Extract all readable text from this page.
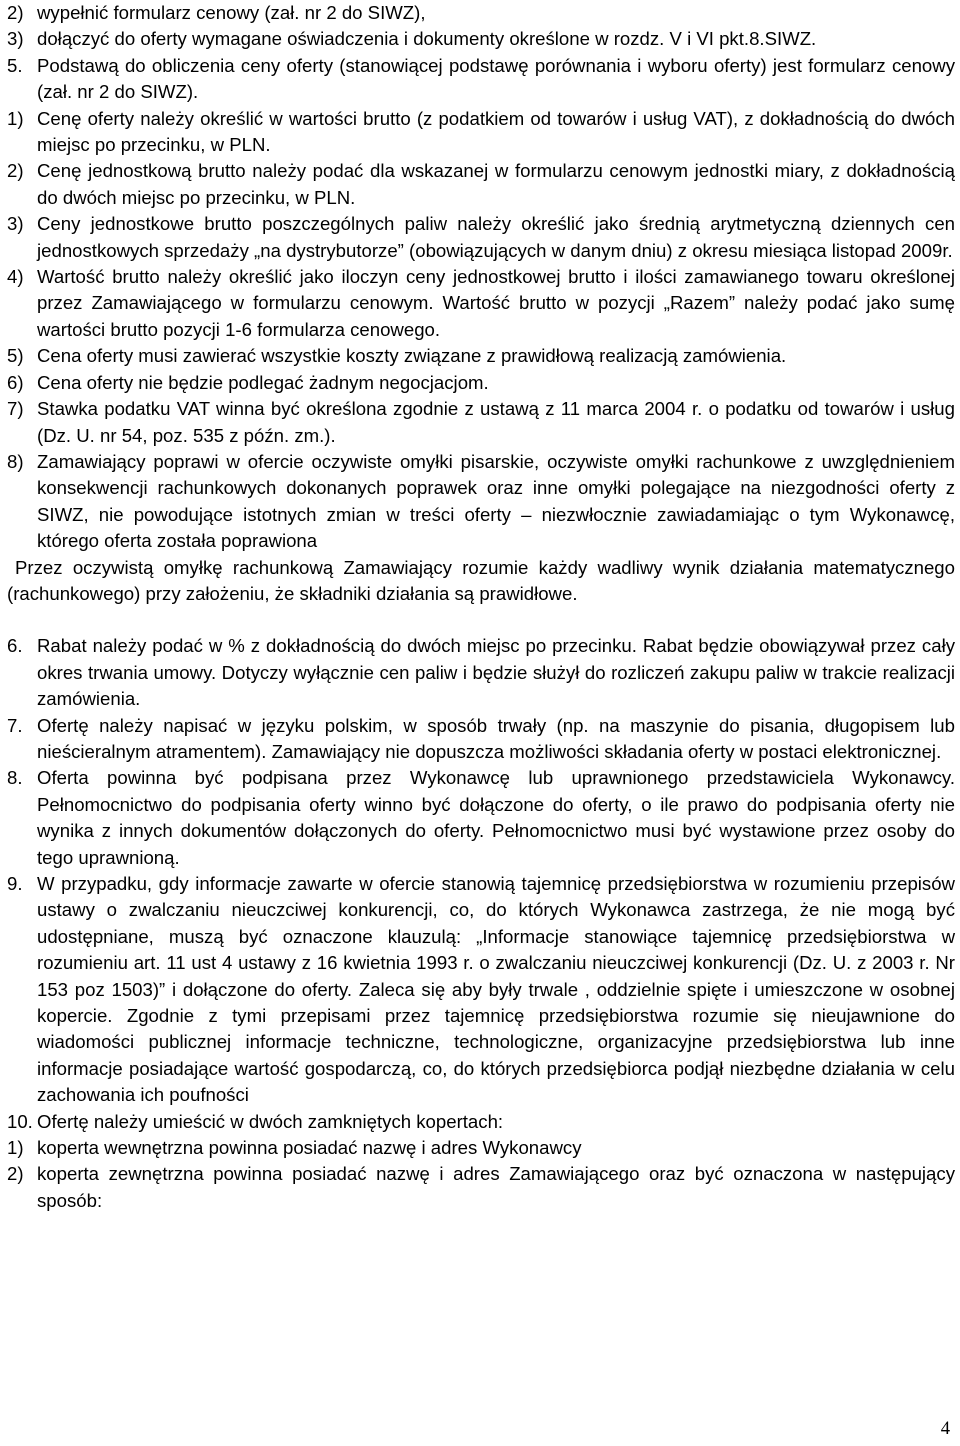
2) wypełnić formularz cenowy (zał. nr 2 do SIWZ),
3) dołączyć do oferty wymagane oświadczenia i dokumenty określone w rozdz. V i VI pkt.8.SIWZ.
5. Podstawą do obliczenia ceny oferty (stanowiącej podstawę porównania i wyboru oferty) jest formularz cenowy (zał. nr 2 do SIWZ).
1) Cenę oferty należy określić w wartości brutto (z podatkiem od towarów i usług VAT), z dokładnością do dwóch miejsc po przecinku, w PLN.
2) Cenę jednostkową brutto należy podać dla wskazanej w formularzu cenowym jednostki miary, z dokładnością do dwóch miejsc po przecinku, w PLN.
3) Ceny jednostkowe brutto poszczególnych paliw należy określić jako średnią arytmetyczną dziennych cen jednostkowych sprzedaży „na dystrybutorze” (obowiązujących w danym dniu) z okresu miesiąca listopad 2009r.
4) Wartość brutto należy określić jako iloczyn ceny jednostkowej brutto i ilości zamawianego towaru określonej przez Zamawiającego w formularzu cenowym. Wartość brutto w pozycji „Razem” należy podać jako sumę wartości brutto pozycji 1-6 formularza cenowego.
5) Cena oferty musi zawierać wszystkie koszty związane z prawidłową realizacją zamówienia.
6) Cena oferty nie będzie podlegać żadnym negocjacjom.
7) Stawka podatku VAT winna być określona zgodnie z ustawą z 11 marca 2004 r. o podatku od towarów i usług (Dz. U. nr 54, poz. 535 z późn. zm.).
8) Zamawiający poprawi w ofercie oczywiste omyłki pisarskie, oczywiste omyłki rachunkowe z uwzględnieniem konsekwencji rachunkowych dokonanych poprawek oraz inne omyłki polegające na niezgodności oferty z SIWZ, nie powodujące istotnych zmian w treści oferty – niezwłocznie zawiadamiając o tym Wykonawcę, którego oferta została poprawiona

Przez oczywistą omyłkę rachunkową Zamawiający rozumie każdy wadliwy wynik działania matematycznego (rachunkowego) przy założeniu, że składniki działania są prawidłowe.

6. Rabat należy podać w % z dokładnością do dwóch miejsc po przecinku. Rabat będzie obowiązywał przez cały okres trwania umowy. Dotyczy wyłącznie cen paliw i będzie służył do rozliczeń zakupu paliw w trakcie realizacji zamówienia.
7. Ofertę należy napisać w języku polskim, w sposób trwały (np. na maszynie do pisania, długopisem lub nieścieralnym atramentem). Zamawiający nie dopuszcza możliwości składania oferty w postaci elektronicznej.
8. Oferta powinna być podpisana przez Wykonawcę lub uprawnionego przedstawiciela Wykonawcy. Pełnomocnictwo do podpisania oferty winno być dołączone do oferty, o ile prawo do podpisania oferty nie wynika z innych dokumentów dołączonych do oferty. Pełnomocnictwo musi być wystawione przez osoby do tego uprawnioną.
9. W przypadku, gdy informacje zawarte w ofercie stanowią tajemnicę przedsiębiorstwa w rozumieniu przepisów ustawy o zwalczaniu nieuczciwej konkurencji, co, do których Wykonawca zastrzega, że nie mogą być udostępniane, muszą być oznaczone klauzulą: „Informacje stanowiące tajemnicę przedsiębiorstwa w rozumieniu art. 11 ust 4 ustawy z 16 kwietnia 1993 r. o zwalczaniu nieuczciwej konkurencji (Dz. U. z 2003 r. Nr 153 poz 1503)” i dołączone do oferty. Zaleca się aby były trwale , oddzielnie spięte i umieszczone w osobnej kopercie. Zgodnie z tymi przepisami przez tajemnicę przedsiębiorstwa rozumie się nieujawnione do wiadomości publicznej informacje techniczne, technologiczne, organizacyjne przedsiębiorstwa lub inne informacje posiadające wartość gospodarczą, co, do których przedsiębiorca podjął niezbędne działania w celu zachowania ich poufności
10. Ofertę należy umieścić w dwóch zamkniętych kopertach:
1) koperta wewnętrzna powinna posiadać nazwę i adres Wykonawcy
2) koperta zewnętrzna powinna posiadać nazwę i adres Zamawiającego oraz być oznaczona w następujący sposób:
4
